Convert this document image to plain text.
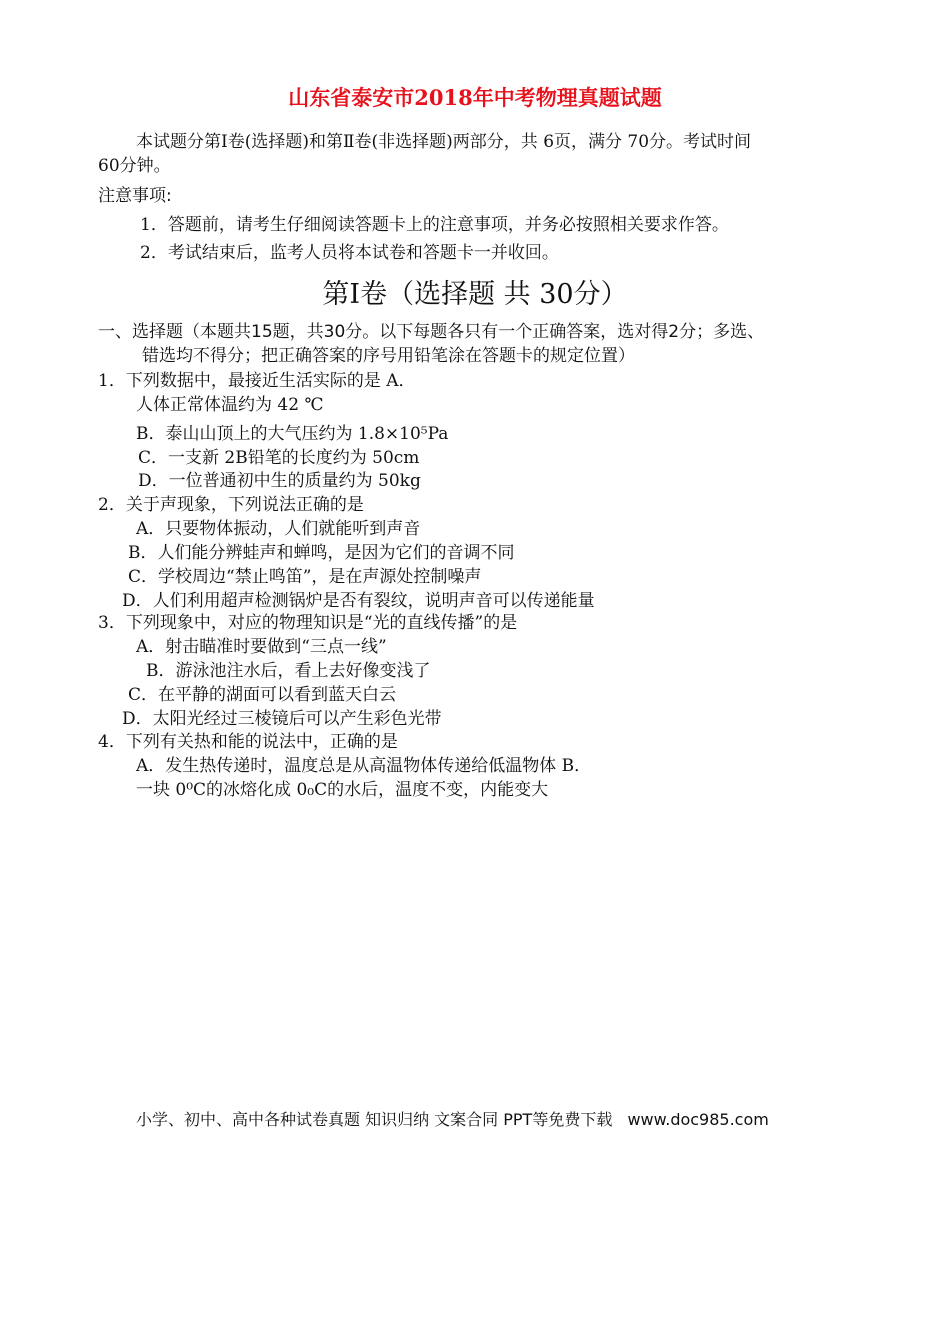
山东省泰安市2018年中考物理真题试题
本试题分第Ⅰ卷(选择题)和第Ⅱ卷(非选择题)两部分，共 6页，满分 70分。考试时间
60分钟。
注意事项:
1．答题前，请考生仔细阅读答题卡上的注意事项，并务必按照相关要求作答。
2．考试结束后，监考人员将本试卷和答题卡一并收回。
第Ⅰ卷（选择题 共 30分）
一、选择题（本题共15题，共30分。以下每题各只有一个正确答案，选对得2分；多选、
错选均不得分；把正确答案的序号用铅笔涂在答题卡的规定位置）
1．下列数据中，最接近生活实际的是 A．
人体正常体温约为 42 ℃
B．泰山山顶上的大气压约为 1.8×10⁵Pa
C．一支新 2B铅笔的长度约为 50cm
D．一位普通初中生的质量约为 50kg
2．关于声现象，下列说法正确的是
A．只要物体振动，人们就能听到声音
B．人们能分辨蛙声和蝉鸣，是因为它们的音调不同
C．学校周边“禁止鸣笛”，是在声源处控制噪声
D．人们利用超声检测锅炉是否有裂纹，说明声音可以传递能量
3．下列现象中，对应的物理知识是“光的直线传播”的是
A．射击瞄准时要做到“三点一线”
B．游泳池注水后，看上去好像变浅了
C．在平静的湖面可以看到蓝天白云
D．太阳光经过三棱镜后可以产生彩色光带
4．下列有关热和能的说法中，正确的是
A．发生热传递时，温度总是从高温物体传递给低温物体 B．
一块 0⁰C的冰熔化成 0₀C的水后，温度不变，内能变大
小学、初中、高中各种试卷真题 知识归纳 文案合同 PPT等免费下载 www.doc985.com
